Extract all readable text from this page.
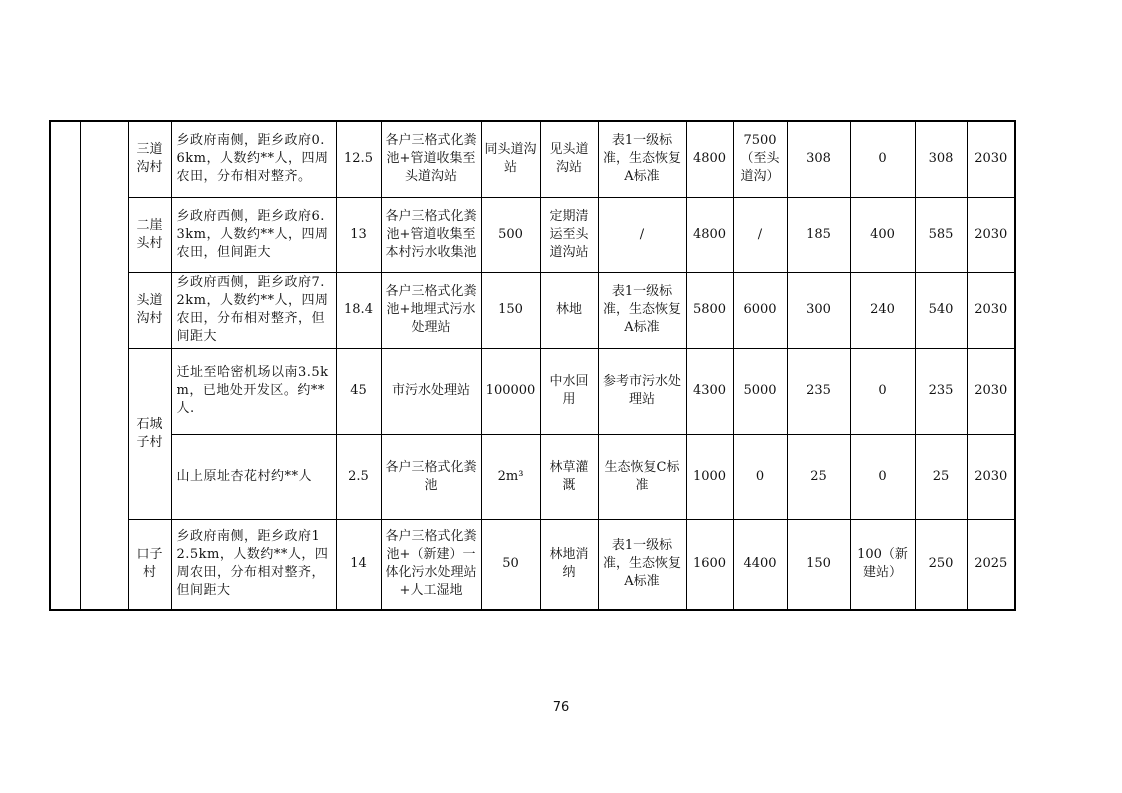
		三道沟村	乡政府南侧，距乡政府0.6km，人数约**人，四周农田，分布相对整齐。	12.5	各户三格式化粪池+管道收集至头道沟站	同头道沟站	见头道沟站	表1一级标准，生态恢复A标准	4800	7500（至头道沟）	308	0	308	2030
		二崖头村	乡政府西侧，距乡政府6.3km，人数约**人，四周农田，但间距大	13	各户三格式化粪池+管道收集至本村污水收集池	500	定期清运至头道沟站	/	4800	/	185	400	585	2030
		头道沟村	乡政府西侧，距乡政府7.2km，人数约**人，四周农田，分布相对整齐，但间距大	18.4	各户三格式化粪池+地埋式污水处理站	150	林地	表1一级标准，生态恢复A标准	5800	6000	300	240	540	2030
		石城子村	迁址至哈密机场以南3.5km，已地处开发区。约**人.	45	市污水处理站	100000	中水回用	参考市污水处理站	4300	5000	235	0	235	2030
			山上原址杏花村约**人	2.5	各户三格式化粪池	2m³	林草灌溉	生态恢复C标准	1000	0	25	0	25	2030
		口子村	乡政府南侧，距乡政府12.5km，人数约**人，四周农田，分布相对整齐，但间距大	14	各户三格式化粪池+（新建）一体化污水处理站+人工湿地	50	林地消纳	表1一级标准，生态恢复A标准	1600	4400	150	100（新建站）	250	2025
76
